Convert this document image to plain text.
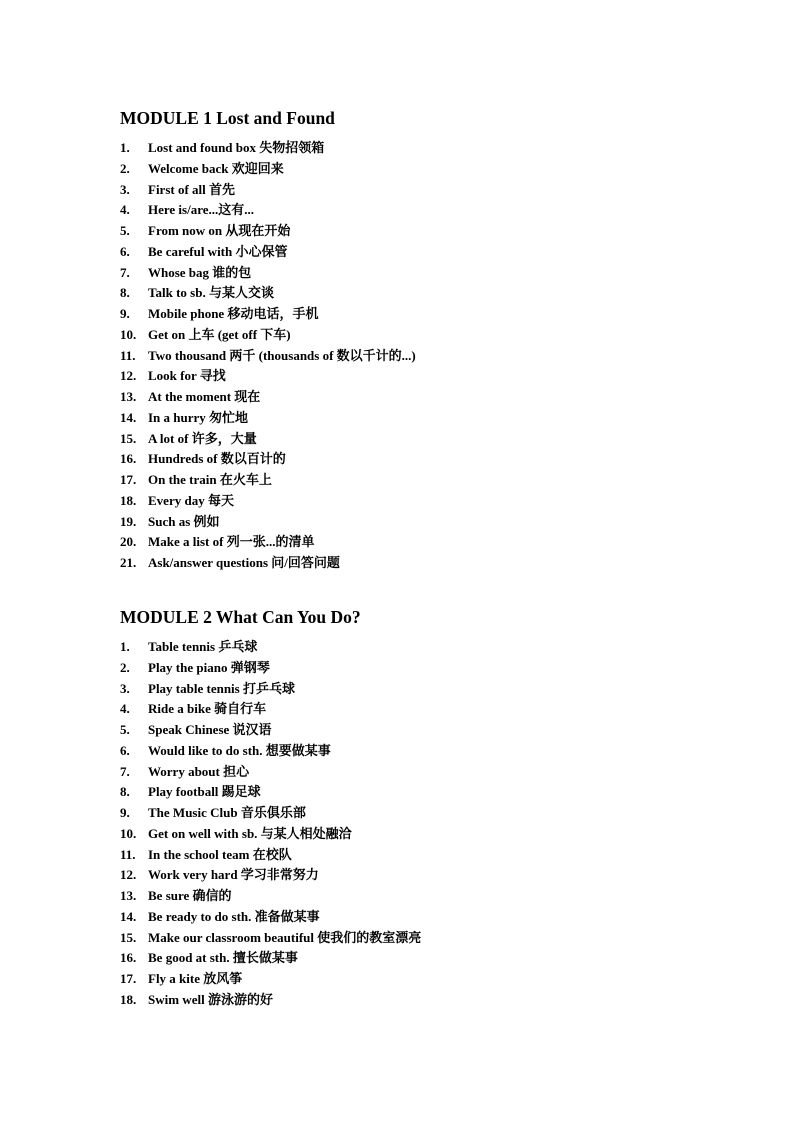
MODULE 1 Lost and Found
1. Lost and found box 失物招领箱
2. Welcome back 欢迎回来
3. First of all 首先
4. Here is/are...这有...
5. From now on 从现在开始
6. Be careful with 小心保管
7. Whose bag 谁的包
8. Talk to sb. 与某人交谈
9. Mobile phone 移动电话，手机
10. Get on 上车 (get off 下车)
11. Two thousand 两千 (thousands of 数以千计的...)
12. Look for 寻找
13. At the moment 现在
14. In a hurry 匆忙地
15. A lot of 许多，大量
16. Hundreds of 数以百计的
17. On the train 在火车上
18. Every day 每天
19. Such as 例如
20. Make a list of 列一张...的清单
21. Ask/answer questions 问/回答问题
MODULE 2 What Can You Do?
1. Table tennis 乒乓球
2. Play the piano 弹钢琴
3. Play table tennis 打乒乓球
4. Ride a bike 骑自行车
5. Speak Chinese 说汉语
6. Would like to do sth. 想要做某事
7. Worry about 担心
8. Play football 踢足球
9. The Music Club 音乐俱乐部
10. Get on well with sb. 与某人相处融洽
11. In the school team 在校队
12. Work very hard 学习非常努力
13. Be sure 确信的
14. Be ready to do sth. 准备做某事
15. Make our classroom beautiful 使我们的教室漂亮
16. Be good at sth. 擅长做某事
17. Fly a kite 放风筝
18. Swim well 游泳游的好
